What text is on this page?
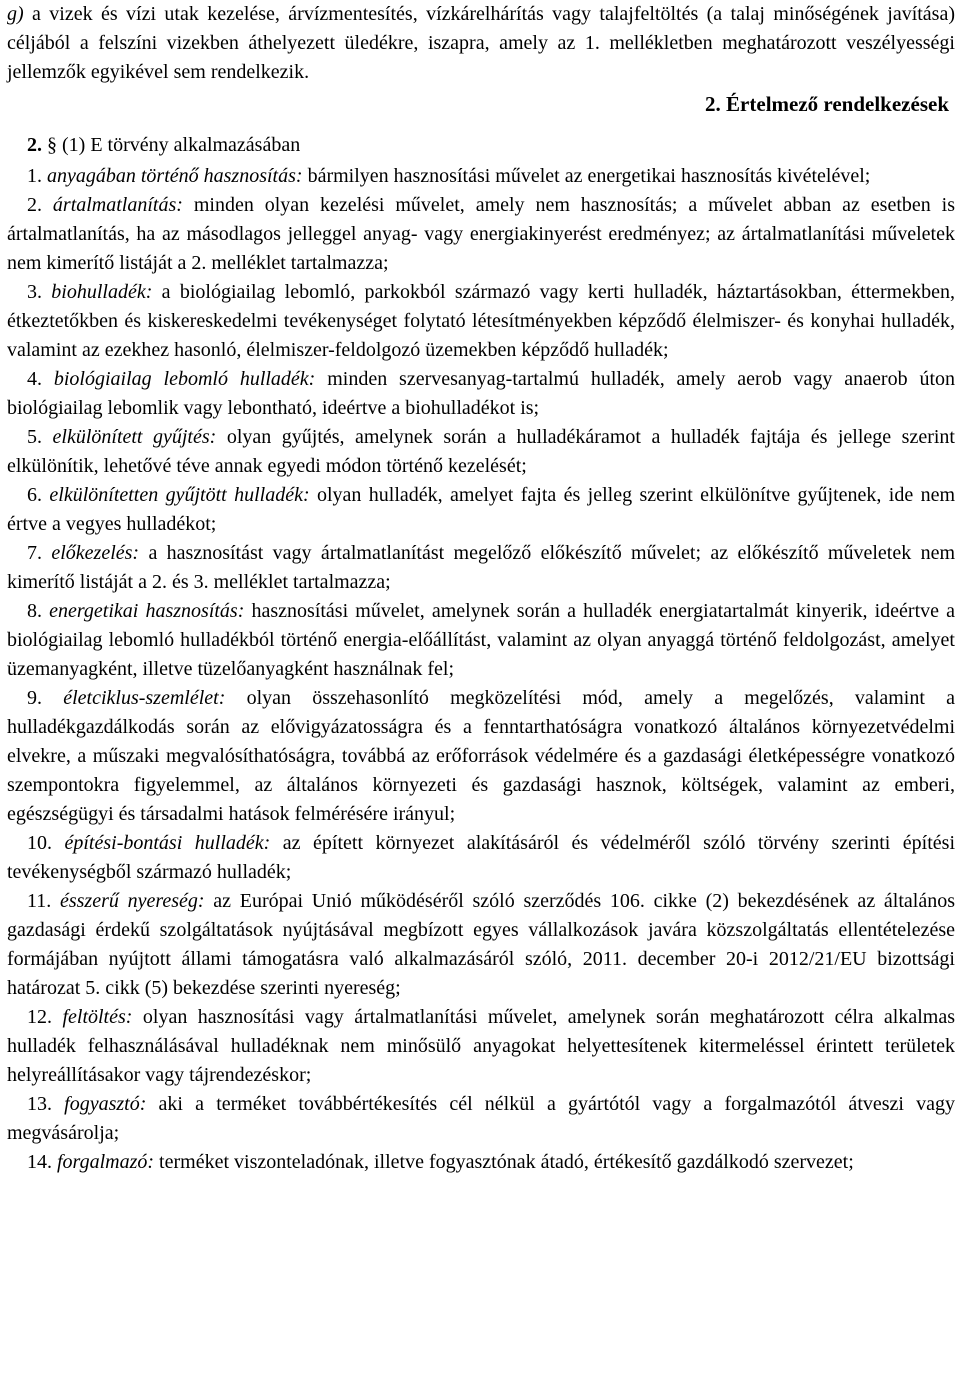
g) a vizek és vízi utak kezelése, árvízmentesítés, vízkárelhárítás vagy talajfeltöltés (a talaj minőségének javítása) céljából a felszíni vizekben áthelyezett üledékre, iszapra, amely az 1. mellékletben meghatározott veszélyességi jellemzők egyikével sem rendelkezik.

2. Értelmező rendelkezések

2. § (1) E törvény alkalmazásában

1. anyagában történő hasznosítás: bármilyen hasznosítási művelet az energetikai hasznosítás kivételével;

2. ártalmatlanítás: minden olyan kezelési művelet, amely nem hasznosítás; a művelet abban az esetben is ártalmatlanítás, ha az másodlagos jelleggel anyag- vagy energiakinyerést eredményez; az ártalmatlanítási műveletek nem kimerítő listáját a 2. melléklet tartalmazza;

3. biohulladék: a biológiailag lebomló, parkokból származó vagy kerti hulladék, háztartásokban, éttermekben, étkeztetőkben és kiskereskedelmi tevékenységet folytató létesítményekben képződő élelmiszer- és konyhai hulladék, valamint az ezekhez hasonló, élelmiszer-feldolgozó üzemekben képződő hulladék;

4. biológiailag lebomló hulladék: minden szervesanyag-tartalmú hulladék, amely aerob vagy anaerob úton biológiailag lebomlik vagy lebontható, ideértve a biohulladékot is;

5. elkülönített gyűjtés: olyan gyűjtés, amelynek során a hulladékáramot a hulladék fajtája és jellege szerint elkülönítik, lehetővé téve annak egyedi módon történő kezelését;

6. elkülönítetten gyűjtött hulladék: olyan hulladék, amelyet fajta és jelleg szerint elkülönítve gyűjtenek, ide nem értve a vegyes hulladékot;

7. előkezelés: a hasznosítást vagy ártalmatlanítást megelőző előkészítő művelet; az előkészítő műveletek nem kimerítő listáját a 2. és 3. melléklet tartalmazza;

8. energetikai hasznosítás: hasznosítási művelet, amelynek során a hulladék energiatartalmát kinyerik, ideértve a biológiailag lebomló hulladékból történő energia-előállítást, valamint az olyan anyaggá történő feldolgozást, amelyet üzemanyagként, illetve tüzelőanyagként használnak fel;

9. életciklus-szemlélet: olyan összehasonlító megközelítési mód, amely a megelőzés, valamint a hulladékgazdálkodás során az elővigyázatosságra és a fenntarthatóságra vonatkozó általános környezetvédelmi elvekre, a műszaki megvalósíthatóságra, továbbá az erőforrások védelmére és a gazdasági életképességre vonatkozó szempontokra figyelemmel, az általános környezeti és gazdasági hasznok, költségek, valamint az emberi, egészségügyi és társadalmi hatások felmérésére irányul;

10. építési-bontási hulladék: az épített környezet alakításáról és védelméről szóló törvény szerinti építési tevékenységből származó hulladék;

11. ésszerű nyereség: az Európai Unió működéséről szóló szerződés 106. cikke (2) bekezdésének az általános gazdasági érdekű szolgáltatások nyújtásával megbízott egyes vállalkozások javára közszolgáltatás ellentételezése formájában nyújtott állami támogatásra való alkalmazásáról szóló, 2011. december 20-i 2012/21/EU bizottsági határozat 5. cikk (5) bekezdése szerinti nyereség;

12. feltöltés: olyan hasznosítási vagy ártalmatlanítási művelet, amelynek során meghatározott célra alkalmas hulladék felhasználásával hulladéknak nem minősülő anyagokat helyettesítenek kitermeléssel érintett területek helyreállításakor vagy tájrendezéskor;

13. fogyasztó: aki a terméket továbbértékesítés cél nélkül a gyártótól vagy a forgalmazótól átveszi vagy megvásárolja;

14. forgalmazó: terméket viszonteladónak, illetve fogyasztónak átadó, értékesítő gazdálkodó szervezet;
